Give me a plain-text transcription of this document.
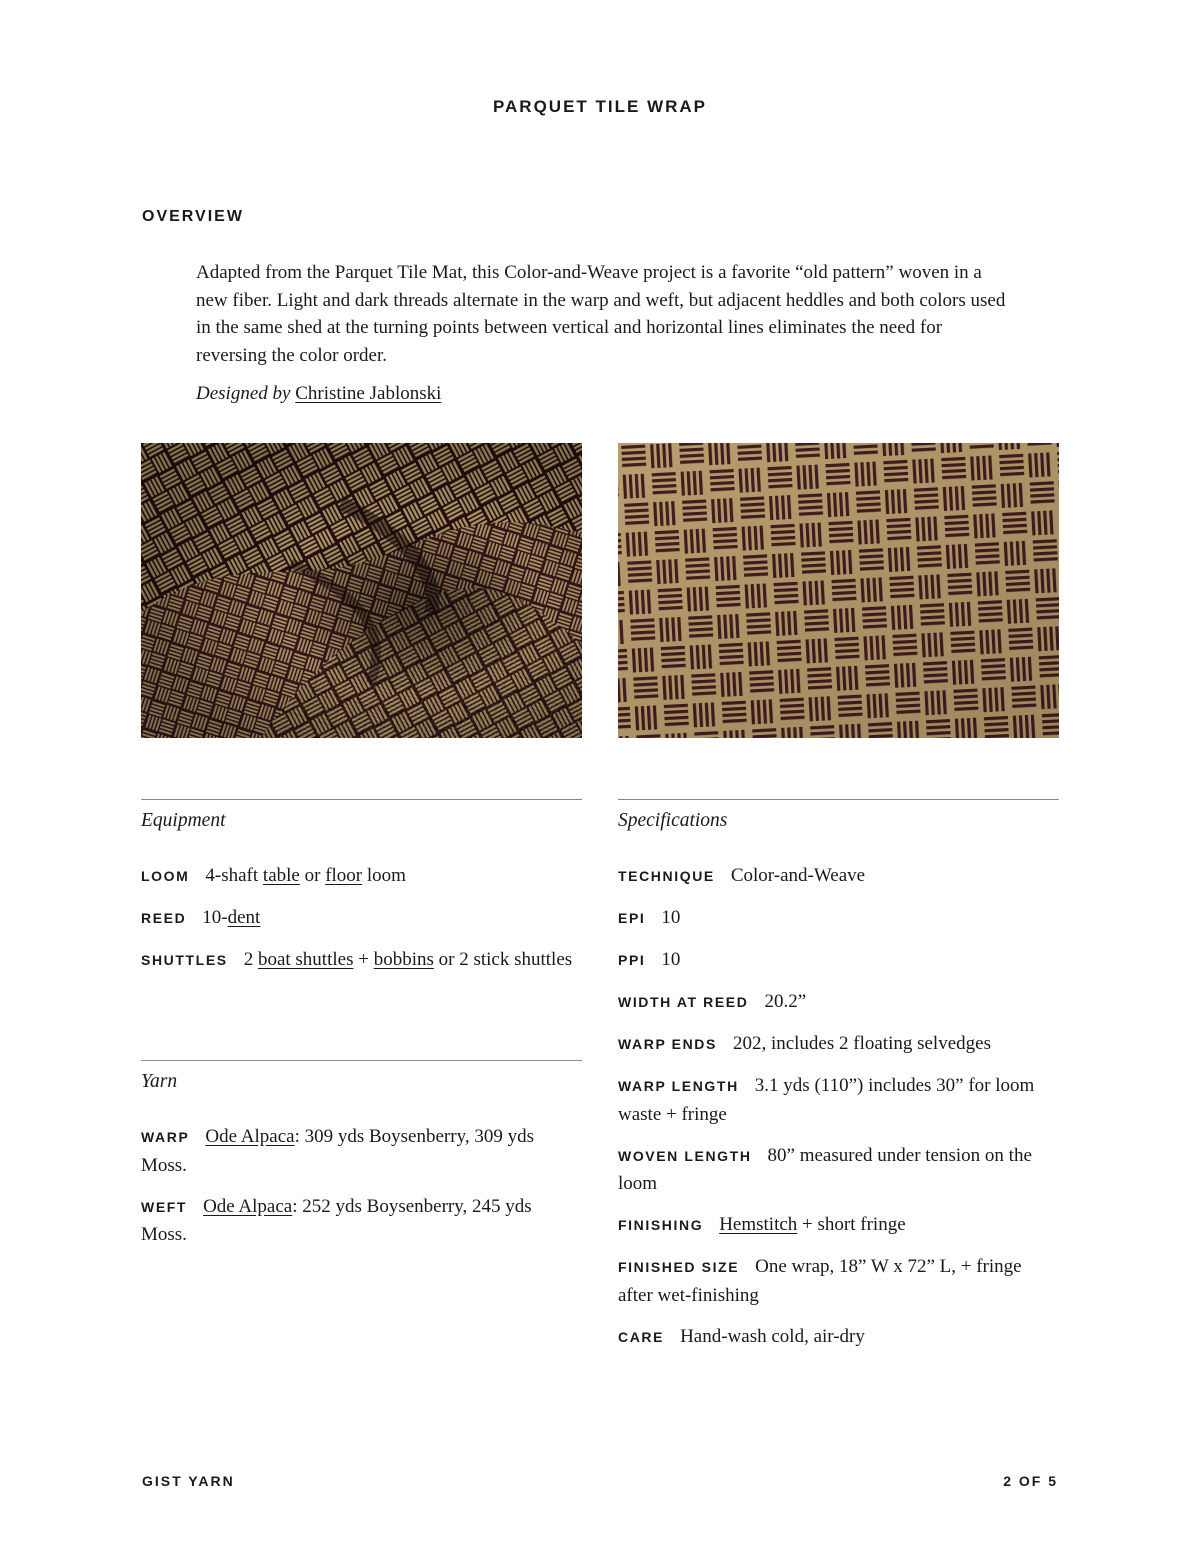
PARQUET TILE WRAP
OVERVIEW

Adapted from the Parquet Tile Mat, this Color-and-Weave project is a favorite “old pattern” woven in a new fiber. Light and dark threads alternate in the warp and weft, but adjacent heddles and both colors used in the same shed at the turning points between vertical and horizontal lines eliminates the need for reversing the color order.

Designed by Christine Jablonski

Equipment

LOOM 4-shaft table or floor loom
REED 10-dent
SHUTTLES 2 boat shuttles + bobbins or 2 stick shuttles

Yarn

WARP Ode Alpaca: 309 yds Boysenberry, 309 yds Moss.
WEFT Ode Alpaca: 252 yds Boysenberry, 245 yds Moss.

Specifications

TECHNIQUE Color-and-Weave
EPI 10
PPI 10
WIDTH AT REED 20.2”
WARP ENDS 202, includes 2 floating selvedges
WARP LENGTH 3.1 yds (110”) includes 30” for loom waste + fringe
WOVEN LENGTH 80” measured under tension on the loom
FINISHING Hemstitch + short fringe
FINISHED SIZE One wrap, 18” W x 72” L, + fringe after wet-finishing
CARE Hand-wash cold, air-dry
GIST YARN	2 OF 5
